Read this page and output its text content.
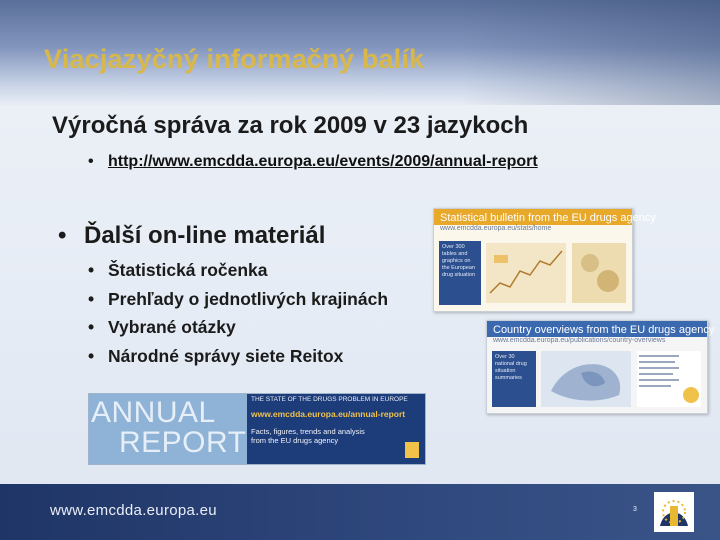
Viacjazyčný informačný balík
Výročná správa za rok 2009 v 23 jazykoch
• http://www.emcdda.europa.eu/events/2009/annual-report
• Ďalší on-line materiál
• Štatistická ročenka
• Prehľady o jednotlivých krajinách
• Vybrané otázky
• Národné správy siete Reitox
Statistical bulletin from the EU drugs agency
www.emcdda.europa.eu/stats/home
Over 300 tables and graphics on the European drug situation
Country overviews from the EU drugs agency
www.emcdda.europa.eu/publications/country-overviews
Over 30 national drug situation summaries
ANNUAL
REPORT
THE STATE OF THE DRUGS PROBLEM IN EUROPE
www.emcdda.europa.eu/annual-report
Facts, figures, trends and analysis
from the EU drugs agency
www.emcdda.europa.eu	3
